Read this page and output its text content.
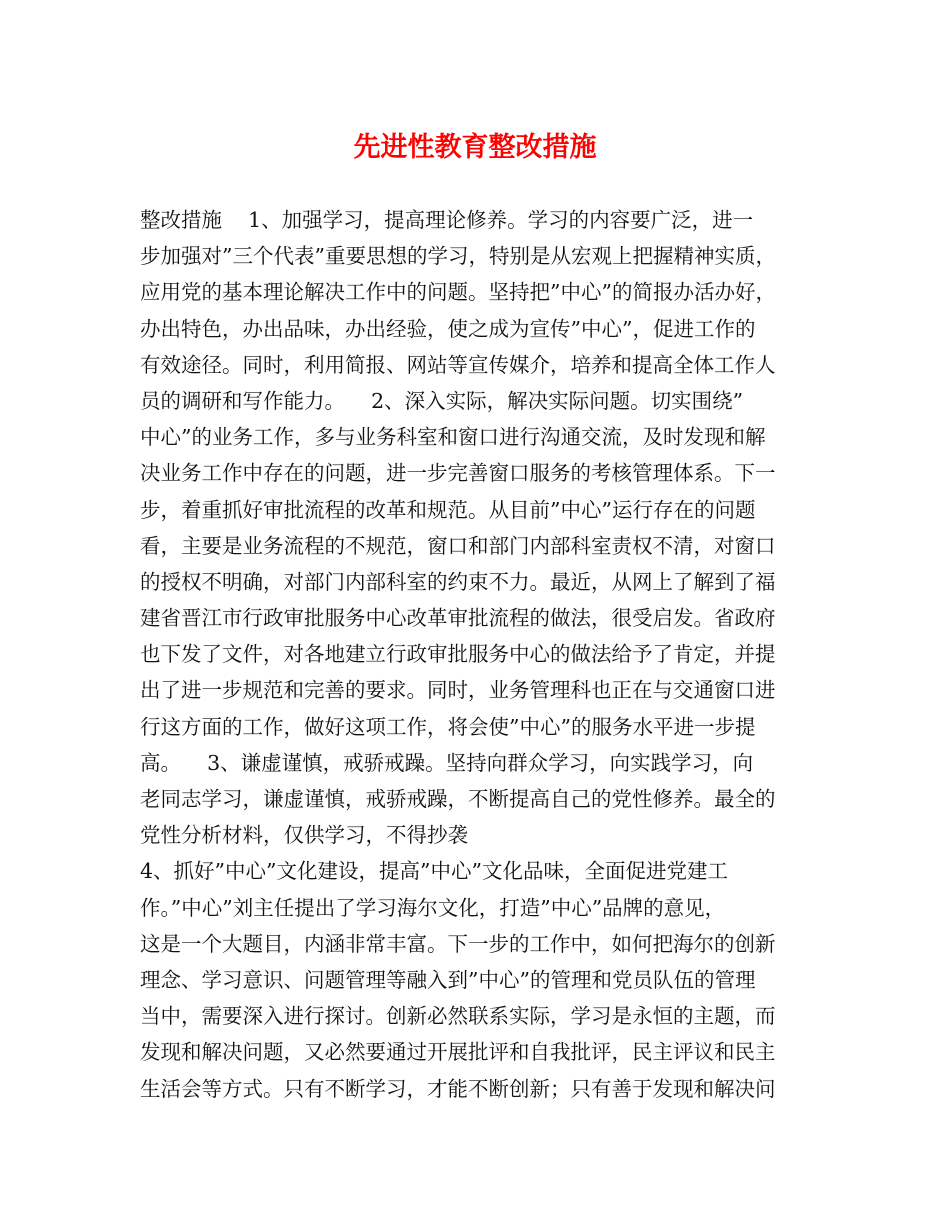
先进性教育整改措施
整改措施    1、加强学习，提高理论修养。学习的内容要广泛，进一
步加强对”三个代表”重要思想的学习，特别是从宏观上把握精神实质，
应用党的基本理论解决工作中的问题。坚持把”中心”的简报办活办好，
办出特色，办出品味，办出经验，使之成为宣传”中心”，促进工作的
有效途径。同时，利用简报、网站等宣传媒介，培养和提高全体工作人
员的调研和写作能力。    2、深入实际，解决实际问题。切实围绕”
中心”的业务工作，多与业务科室和窗口进行沟通交流，及时发现和解
决业务工作中存在的问题，进一步完善窗口服务的考核管理体系。下一
步，着重抓好审批流程的改革和规范。从目前”中心”运行存在的问题
看，主要是业务流程的不规范，窗口和部门内部科室责权不清，对窗口
的授权不明确，对部门内部科室的约束不力。最近，从网上了解到了福
建省晋江市行政审批服务中心改革审批流程的做法，很受启发。省政府
也下发了文件，对各地建立行政审批服务中心的做法给予了肯定，并提
出了进一步规范和完善的要求。同时，业务管理科也正在与交通窗口进
行这方面的工作，做好这项工作，将会使”中心”的服务水平进一步提
高。    3、谦虚谨慎，戒骄戒躁。坚持向群众学习，向实践学习，向
老同志学习，谦虚谨慎，戒骄戒躁，不断提高自己的党性修养。最全的
党性分析材料，仅供学习，不得抄袭
4、抓好”中心”文化建设，提高”中心”文化品味，全面促进党建工
作。”中心”刘主任提出了学习海尔文化，打造”中心”品牌的意见，
这是一个大题目，内涵非常丰富。下一步的工作中，如何把海尔的创新
理念、学习意识、问题管理等融入到”中心”的管理和党员队伍的管理
当中，需要深入进行探讨。创新必然联系实际，学习是永恒的主题，而
发现和解决问题，又必然要通过开展批评和自我批评，民主评议和民主
生活会等方式。只有不断学习，才能不断创新；只有善于发现和解决问
